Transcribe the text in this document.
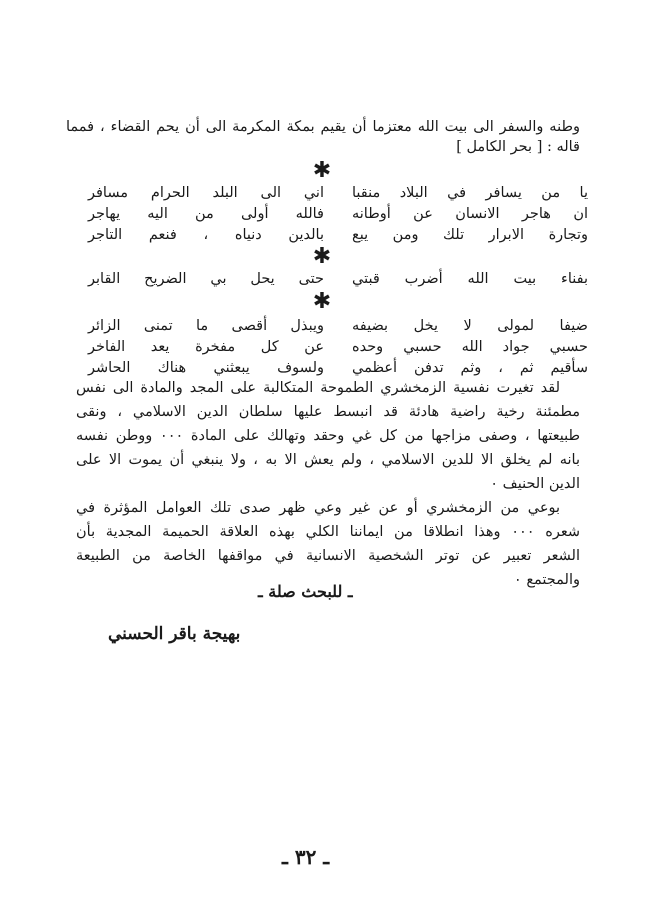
وطنه والسفر الى بيت الله معتزما أن يقيم بمكة المكرمة الى أن يحم القضاء ، فمما
قاله : [ بحر الكامل ]
✱
يا من يسافر في البلاد منقبا
اني الى البلد الحرام مسافر
ان هاجر الانسان عن أوطانه
فالله أولى من اليه يهاجر
وتجارة الابرار تلك ومن يبع
بالدين دنياه ، فنعم التاجر
✱
بفناء بيت الله أضرب قبتي
حتى يحل بي الضريح القابر
✱
ضيفا لمولى لا يخل بضيفه
ويبذل أقصى ما تمنى الزائر
حسبي جواد الله حسبي وحده
عن كل مفخرة يعد الفاخر
سأقيم ثم ، وثم تدفن أعظمي
ولسوف يبعثني هناك الحاشر
لقد تغيرت نفسية الزمخشري الطموحة المتكالبة على المجد والمادة الى نفس
مطمئنة رخية راضية هادئة قد انبسط عليها سلطان الدين الاسلامي ، ونقى
طبيعتها ، وصفى مزاجها من كل غي وحقد وتهالك على المادة ۰۰۰ ووطن نفسه
بانه لم يخلق الا للدين الاسلامي ، ولم يعش الا به ، ولا ينبغي أن يموت الا على
الدين الحنيف ۰
بوعي من الزمخشري أو عن غير وعي ظهر صدى تلك العوامل المؤثرة في
شعره ۰۰۰ وهذا انطلاقا من ايماننا الكلي بهذه العلاقة الحميمة المجدية بأن
الشعر تعبير عن توتر الشخصية الانسانية في مواقفها الخاصة من الطبيعة
والمجتمع ۰
ـ للبحث صلة ـ
بهيجة باقر الحسني
ـ ٣٢ ـ
